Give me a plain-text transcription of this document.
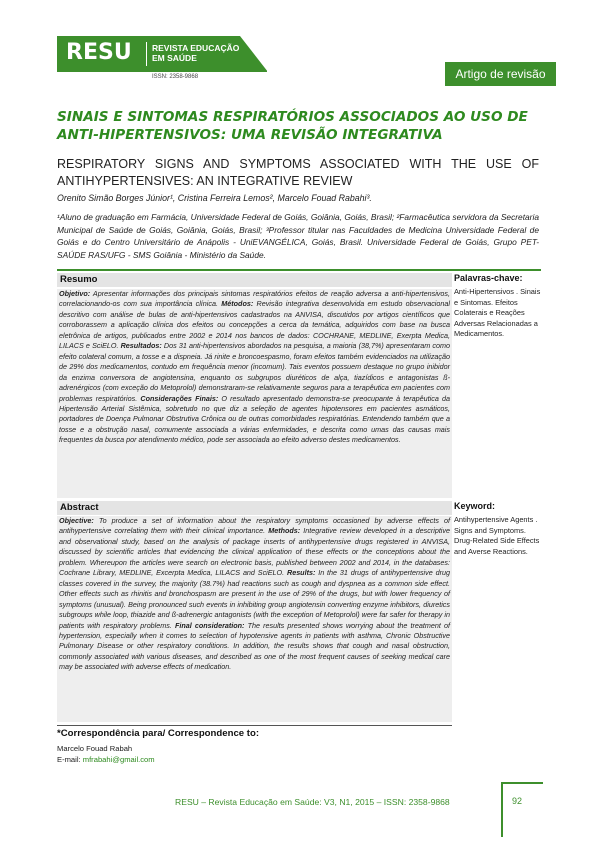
RESU REVISTA EDUCAÇÃO
EM SAÚDE
ISSN: 2358-9868	Artigo de revisão
SINAIS E SINTOMAS RESPIRATÓRIOS ASSOCIADOS AO USO DE
ANTI-HIPERTENSIVOS: UMA REVISÃO INTEGRATIVA
RESPIRATORY SIGNS AND SYMPTOMS ASSOCIATED WITH THE USE OF
ANTIHYPERTENSIVES: AN INTEGRATIVE REVIEW
Orenito Simão Borges Júnior¹, Cristina Ferreira Lemos², Marcelo Fouad Rabahi³.
¹Aluno de graduação em Farmácia, Universidade Federal de Goiás, Goiânia, Goiás, Brasil; ²Farmacêutica servidora da Secretaria Municipal de Saúde de Goiás, Goiânia, Goiás, Brasil; ³Professor titular nas Faculdades de Medicina Universidade Federal de Goiás e do Centro Universitário de Anápolis - UniEVANGÉLICA, Goiás, Brasil. Universidade Federal de Goiás, Grupo PET- SAÚDE RAS/UFG - SMS Goiânia - Ministério da Saúde.
Resumo
Objetivo: Apresentar informações dos principais sintomas respiratórios efeitos de reação adversa a anti-hipertensivos, correlacionando-os com sua importância clínica. Métodos: Revisão integrativa desenvolvida em estudo observacional descritivo com análise de bulas de anti-hipertensivos cadastrados na ANVISA, discutidos por artigos científicos que corroborassem a aplicação clínica dos efeitos ou concepções a cerca da temática, adquiridos com base na busca eletrônica de artigos, publicados entre 2002 e 2014 nos bancos de dados: COCHRANE, MEDLINE, Exerpta Medica, LILACS e SciELO. Resultados: Dos 31 anti-hipertensivos abordados na pesquisa, a maioria (38,7%) apresentaram como efeito colateral comum, a tosse e a dispneia. Já rinite e broncoespasmo, foram efeitos também evidenciados na utilização de 29% dos medicamentos, contudo em frequência menor (incomum). Tais eventos possuem destaque no grupo inibidor da enzima conversora de angiotensina, enquanto os subgrupos diuréticos de alça, tiazídicos e antagonistas ß-adrenérgicos (com exceção do Metoprolol) demonstraram-se relativamente seguros para a terapêutica em pacientes com problemas respiratórios. Considerações Finais: O resultado apresentado demonstra-se preocupante à terapêutica da Hipertensão Arterial Sistêmica, sobretudo no que diz a seleção de agentes hipotensores em pacientes asmáticos, portadores de Doença Pulmonar Obstrutiva Crônica ou de outras comorbidades respiratórias. Entendendo também que a tosse e a obstrução nasal, comumente associada a várias enfermidades, e descrita como umas das causas mais frequentes da busca por atendimento médico, pode ser associada ao efeito adverso destes medicamentos.
Palavras-chave:
Anti-Hipertensivos . Sinais e Sintomas. Efeitos Colaterais e Reações Adversas Relacionadas a Medicamentos.
Abstract
Objective: To produce a set of information about the respiratory symptoms occasioned by adverse effects of antihypertensive correlating them with their clinical importance. Methods: Integrative review developed in a descriptive and observational study, based on the analysis of package inserts of antihypertensive drugs registered in ANVISA, discussed by scientific articles that evidencing the clinical application of these effects or the conceptions about the problem. Whereupon the articles were search on electronic basis, published between 2002 and 2014, in the databases: Cochrane Library, MEDLINE, Excerpta Medica, LILACS and SciELO. Results: In the 31 drugs of antihypertensive drug classes covered in the survey, the majority (38.7%) had reactions such as cough and dyspnea as a common side effect. Other effects such as rhinitis and bronchospasm are present in the use of 29% of the drugs, but with lower frequency of symptoms (unusual). Being pronounced such events in inhibiting group angiotensin converting enzyme inhibitors, diuretics subgroups while loop, thiazide and ß-adrenergic antagonists (with the exception of Metoprolol) were far safer for therapy in patients with respiratory problems. Final consideration: The results presented shows worrying about the treatment of hypertension, especially when it comes to selection of hypotensive agents in patients with asthma, Chronic Obstructive Pulmonary Disease or other respiratory conditions. In addition, the results shows that cough and nasal obstruction, commonly associated with various diseases, and described as one of the most frequent causes of seeking medical care may be associated with adverse effects of medication.
Keyword:
Antihypertensive Agents . Signs and Symptoms. Drug-Related Side Effects and Averse Reactions.
*Correspondência para/ Correspondence to:
Marcelo Fouad Rabah
E-mail: mfrabahi@gmail.com
RESU – Revista Educação em Saúde: V3, N1, 2015 – ISSN: 2358-9868	92
